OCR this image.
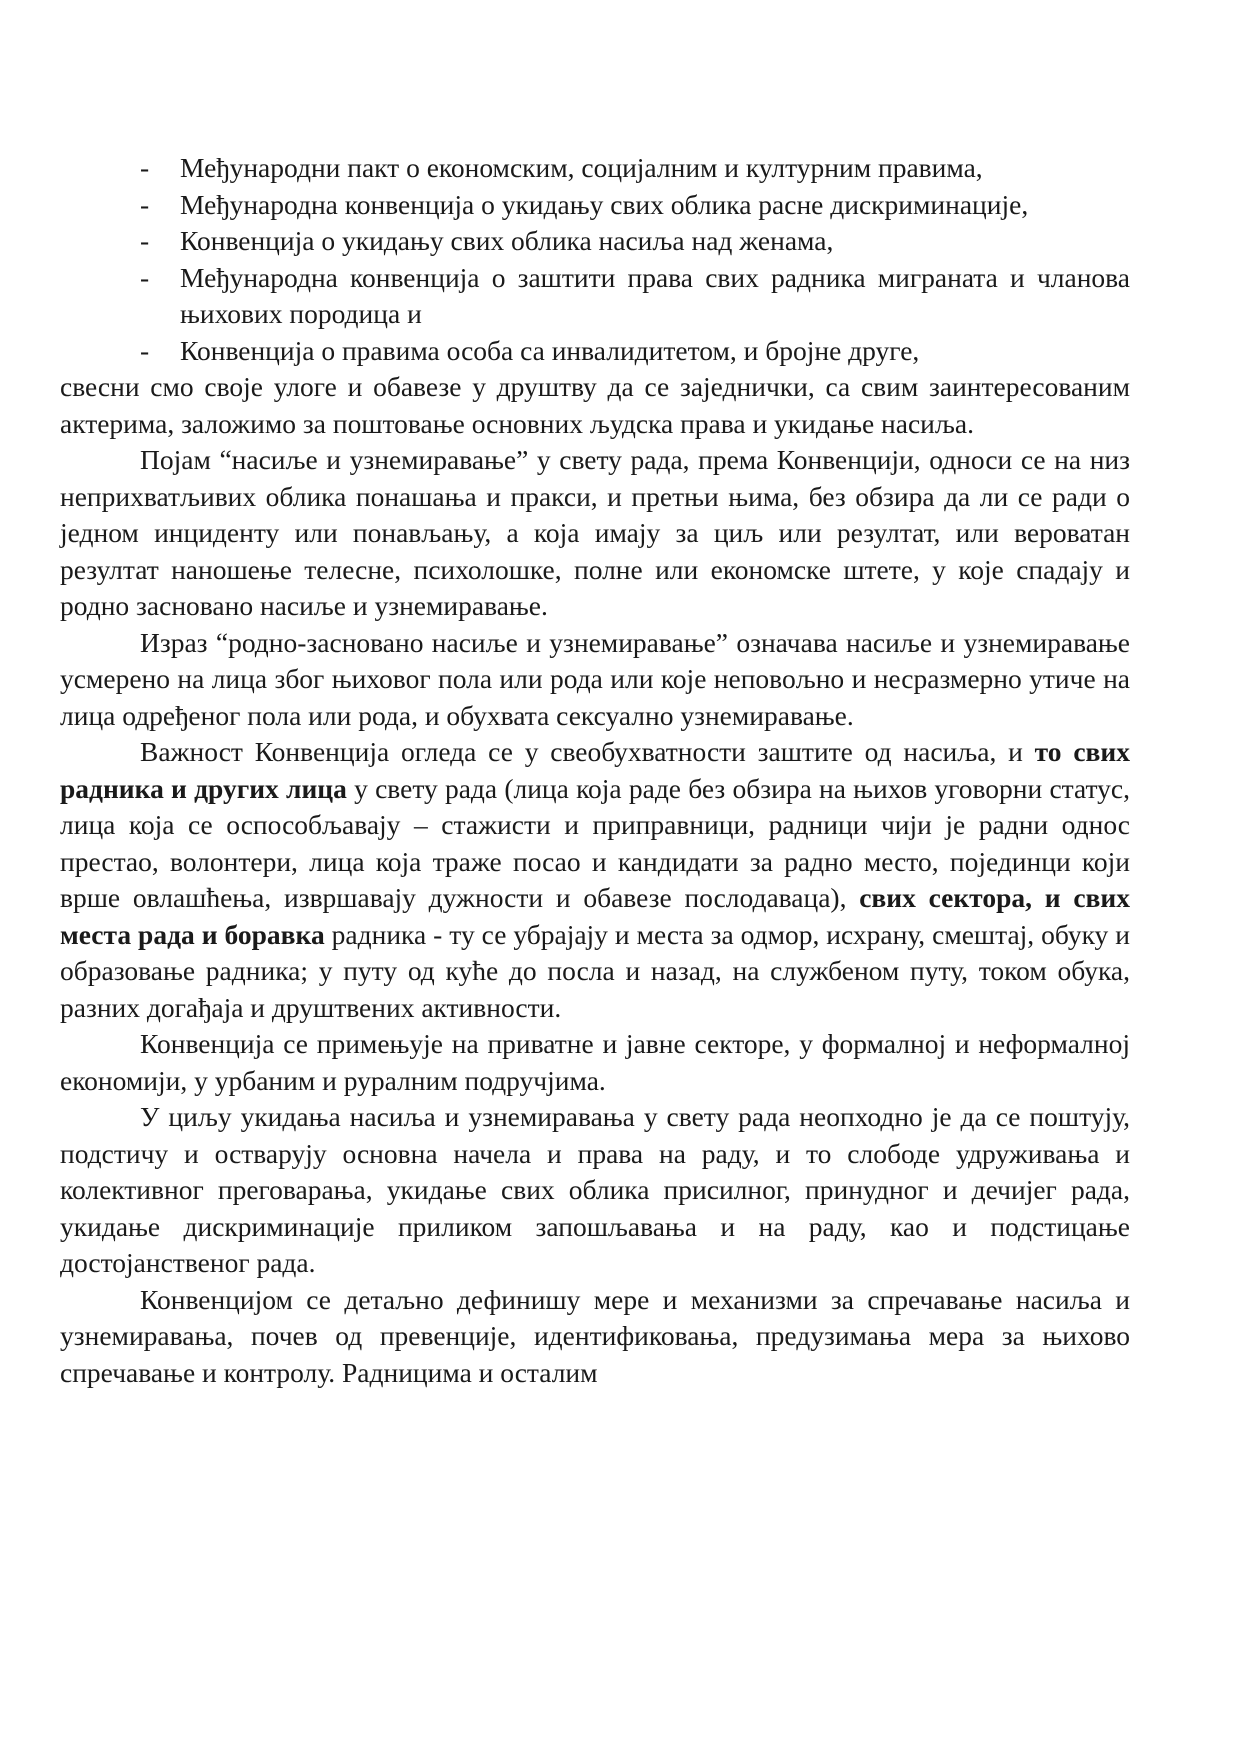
- Међународни пакт о економским, социјалним и културним правима,
- Међународна конвенција о укидању свих облика расне дискриминације,
- Конвенција о укидању свих облика насиља над женама,
- Међународна конвенција о заштити права свих радника миграната и чланова њихових породица и
- Конвенција о правима особа са инвалидитетом, и бројне друге,

свесни смо своје улоге и обавезе у друштву да се заједнички, са свим заинтересованим актерима, заложимо за поштовање основних људска права и укидање насиља.

Појам “насиље и узнемиравање” у свету рада, према Конвенцији, односи се на низ неприхватљивих облика понашања и пракси, и претњи њима, без обзира да ли се ради о једном инциденту или понављању, а која имају за циљ или резултат, или вероватан резултат наношење телесне, психолошке, полне или економске штете, у које спадају и родно засновано насиље и узнемиравање.

Израз “родно-засновано насиље и узнемиравање” означава насиље и узнемиравање усмерено на лица због њиховог пола или рода или које неповољно и несразмерно утиче на лица одређеног пола или рода, и обухвата сексуално узнемиравање.

Важност Конвенција огледа се у свеобухватности заштите од насиља, и то свих радника и других лица у свету рада (лица која раде без обзира на њихов уговорни статус, лица која се оспособљавају – стажисти и приправници, радници чији је радни однос престао, волонтери, лица која траже посао и кандидати за радно место, појединци који врше овлашћења, извршавају дужности и обавезе послодаваца), свих сектора, и свих места рада и боравка радника - ту се убрајају и места за одмор, исхрану, смештај, обуку и образовање радника; у путу од куће до посла и назад, на службеном путу, током обука, разних догађаја и друштвених активности.

Конвенција се примењује на приватне и јавне секторе, у формалној и неформалној економији, у урбаним и руралним подручјима.

У циљу укидања насиља и узнемиравања у свету рада неопходно је да се поштују, подстичу и остварују основна начела и права на раду, и то слободе удруживања и колективног преговарања, укидање свих облика присилног, принудног и дечијег рада, укидање дискриминације приликом запошљавања и на раду, као и подстицање достојанственог рада.

Конвенцијом се детаљно дефинишу мере и механизми за спречавање насиља и узнемиравања, почев од превенције, идентификовања, предузимања мера за њихово спречавање и контролу. Радницима и осталим
